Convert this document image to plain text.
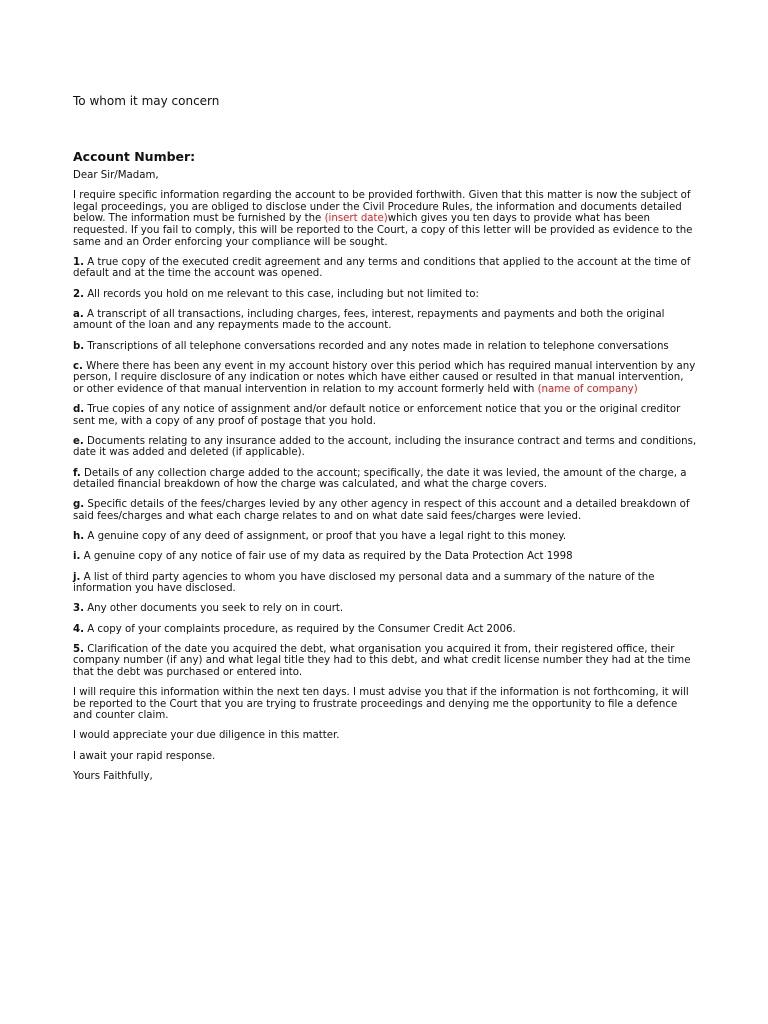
To whom it may concern
Account Number:

Dear Sir/Madam,

I require specific information regarding the account to be provided forthwith. Given that this matter is now the subject of legal proceedings, you are obliged to disclose under the Civil Procedure Rules, the information and documents detailed below. The information must be furnished by the (insert date)which gives you ten days to provide what has been requested. If you fail to comply, this will be reported to the Court, a copy of this letter will be provided as evidence to the same and an Order enforcing your compliance will be sought.

1. A true copy of the executed credit agreement and any terms and conditions that applied to the account at the time of default and at the time the account was opened.

2. All records you hold on me relevant to this case, including but not limited to:

a. A transcript of all transactions, including charges, fees, interest, repayments and payments and both the original amount of the loan and any repayments made to the account.

b. Transcriptions of all telephone conversations recorded and any notes made in relation to telephone conversations

c. Where there has been any event in my account history over this period which has required manual intervention by any person, I require disclosure of any indication or notes which have either caused or resulted in that manual intervention, or other evidence of that manual intervention in relation to my account formerly held with (name of company)

d. True copies of any notice of assignment and/or default notice or enforcement notice that you or the original creditor sent me, with a copy of any proof of postage that you hold.

e. Documents relating to any insurance added to the account, including the insurance contract and terms and conditions, date it was added and deleted (if applicable).

f. Details of any collection charge added to the account; specifically, the date it was levied, the amount of the charge, a detailed financial breakdown of how the charge was calculated, and what the charge covers.

g. Specific details of the fees/charges levied by any other agency in respect of this account and a detailed breakdown of said fees/charges and what each charge relates to and on what date said fees/charges were levied.

h. A genuine copy of any deed of assignment, or proof that you have a legal right to this money.

i. A genuine copy of any notice of fair use of my data as required by the Data Protection Act 1998

j. A list of third party agencies to whom you have disclosed my personal data and a summary of the nature of the information you have disclosed.

3. Any other documents you seek to rely on in court.

4. A copy of your complaints procedure, as required by the Consumer Credit Act 2006.

5. Clarification of the date you acquired the debt, what organisation you acquired it from, their registered office, their company number (if any) and what legal title they had to this debt, and what credit license number they had at the time that the debt was purchased or entered into.

I will require this information within the next ten days. I must advise you that if the information is not forthcoming, it will be reported to the Court that you are trying to frustrate proceedings and denying me the opportunity to file a defence and counter claim.

I would appreciate your due diligence in this matter.

I await your rapid response.

Yours Faithfully,
